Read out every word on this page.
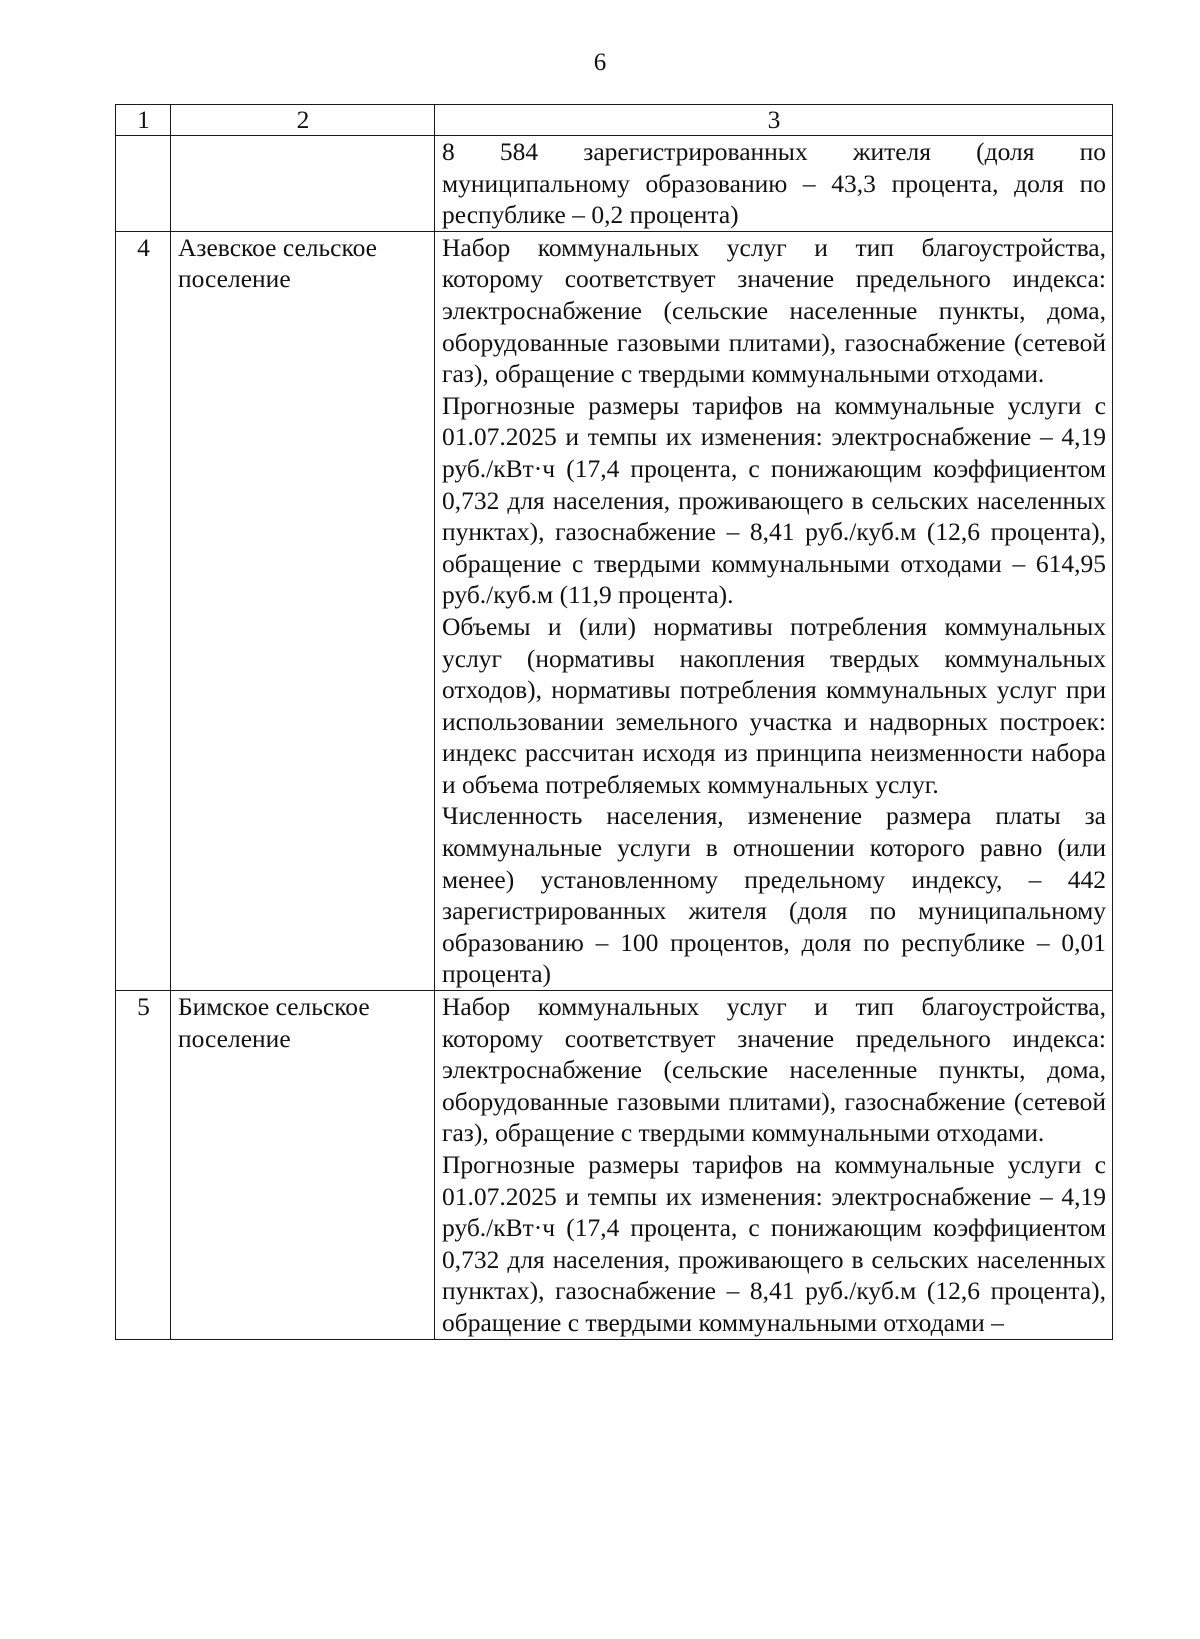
6
1	2	3

		8 584 зарегистрированных жителя (доля по муниципальному образованию – 43,3 процента, доля по республике – 0,2 процента)

4	Азевское сельское поселение	Набор коммунальных услуг и тип благоустройства, которому соответствует значение предельного индекса: электроснабжение (сельские населенные пункты, дома, оборудованные газовыми плитами), газоснабжение (сетевой газ), обращение с твердыми коммунальными отходами.

Прогнозные размеры тарифов на коммунальные услуги с 01.07.2025 и темпы их изменения: электроснабжение – 4,19 руб./кВт·ч (17,4 процента, с понижающим коэффициентом 0,732 для населения, проживающего в сельских населенных пунктах), газоснабжение – 8,41 руб./куб.м (12,6 процента), обращение с твердыми коммунальными отходами – 614,95 руб./куб.м (11,9 процента).

Объемы и (или) нормативы потребления коммунальных услуг (нормативы накопления твердых коммунальных отходов), нормативы потребления коммунальных услуг при использовании земельного участка и надворных построек: индекс рассчитан исходя из принципа неизменности набора и объема потребляемых коммунальных услуг.

Численность населения, изменение размера платы за коммунальные услуги в отношении которого равно (или менее) установленному предельному индексу, – 442 зарегистрированных жителя (доля по муниципальному образованию – 100 процентов, доля по республике – 0,01 процента)

5	Бимское сельское поселение	Набор коммунальных услуг и тип благоустройства, которому соответствует значение предельного индекса: электроснабжение (сельские населенные пункты, дома, оборудованные газовыми плитами), газоснабжение (сетевой газ), обращение с твердыми коммунальными отходами.

Прогнозные размеры тарифов на коммунальные услуги с 01.07.2025 и темпы их изменения: электроснабжение – 4,19 руб./кВт·ч (17,4 процента, с понижающим коэффициентом 0,732 для населения, проживающего в сельских населенных пунктах), газоснабжение – 8,41 руб./куб.м (12,6 процента), обращение с твердыми коммунальными отходами –
